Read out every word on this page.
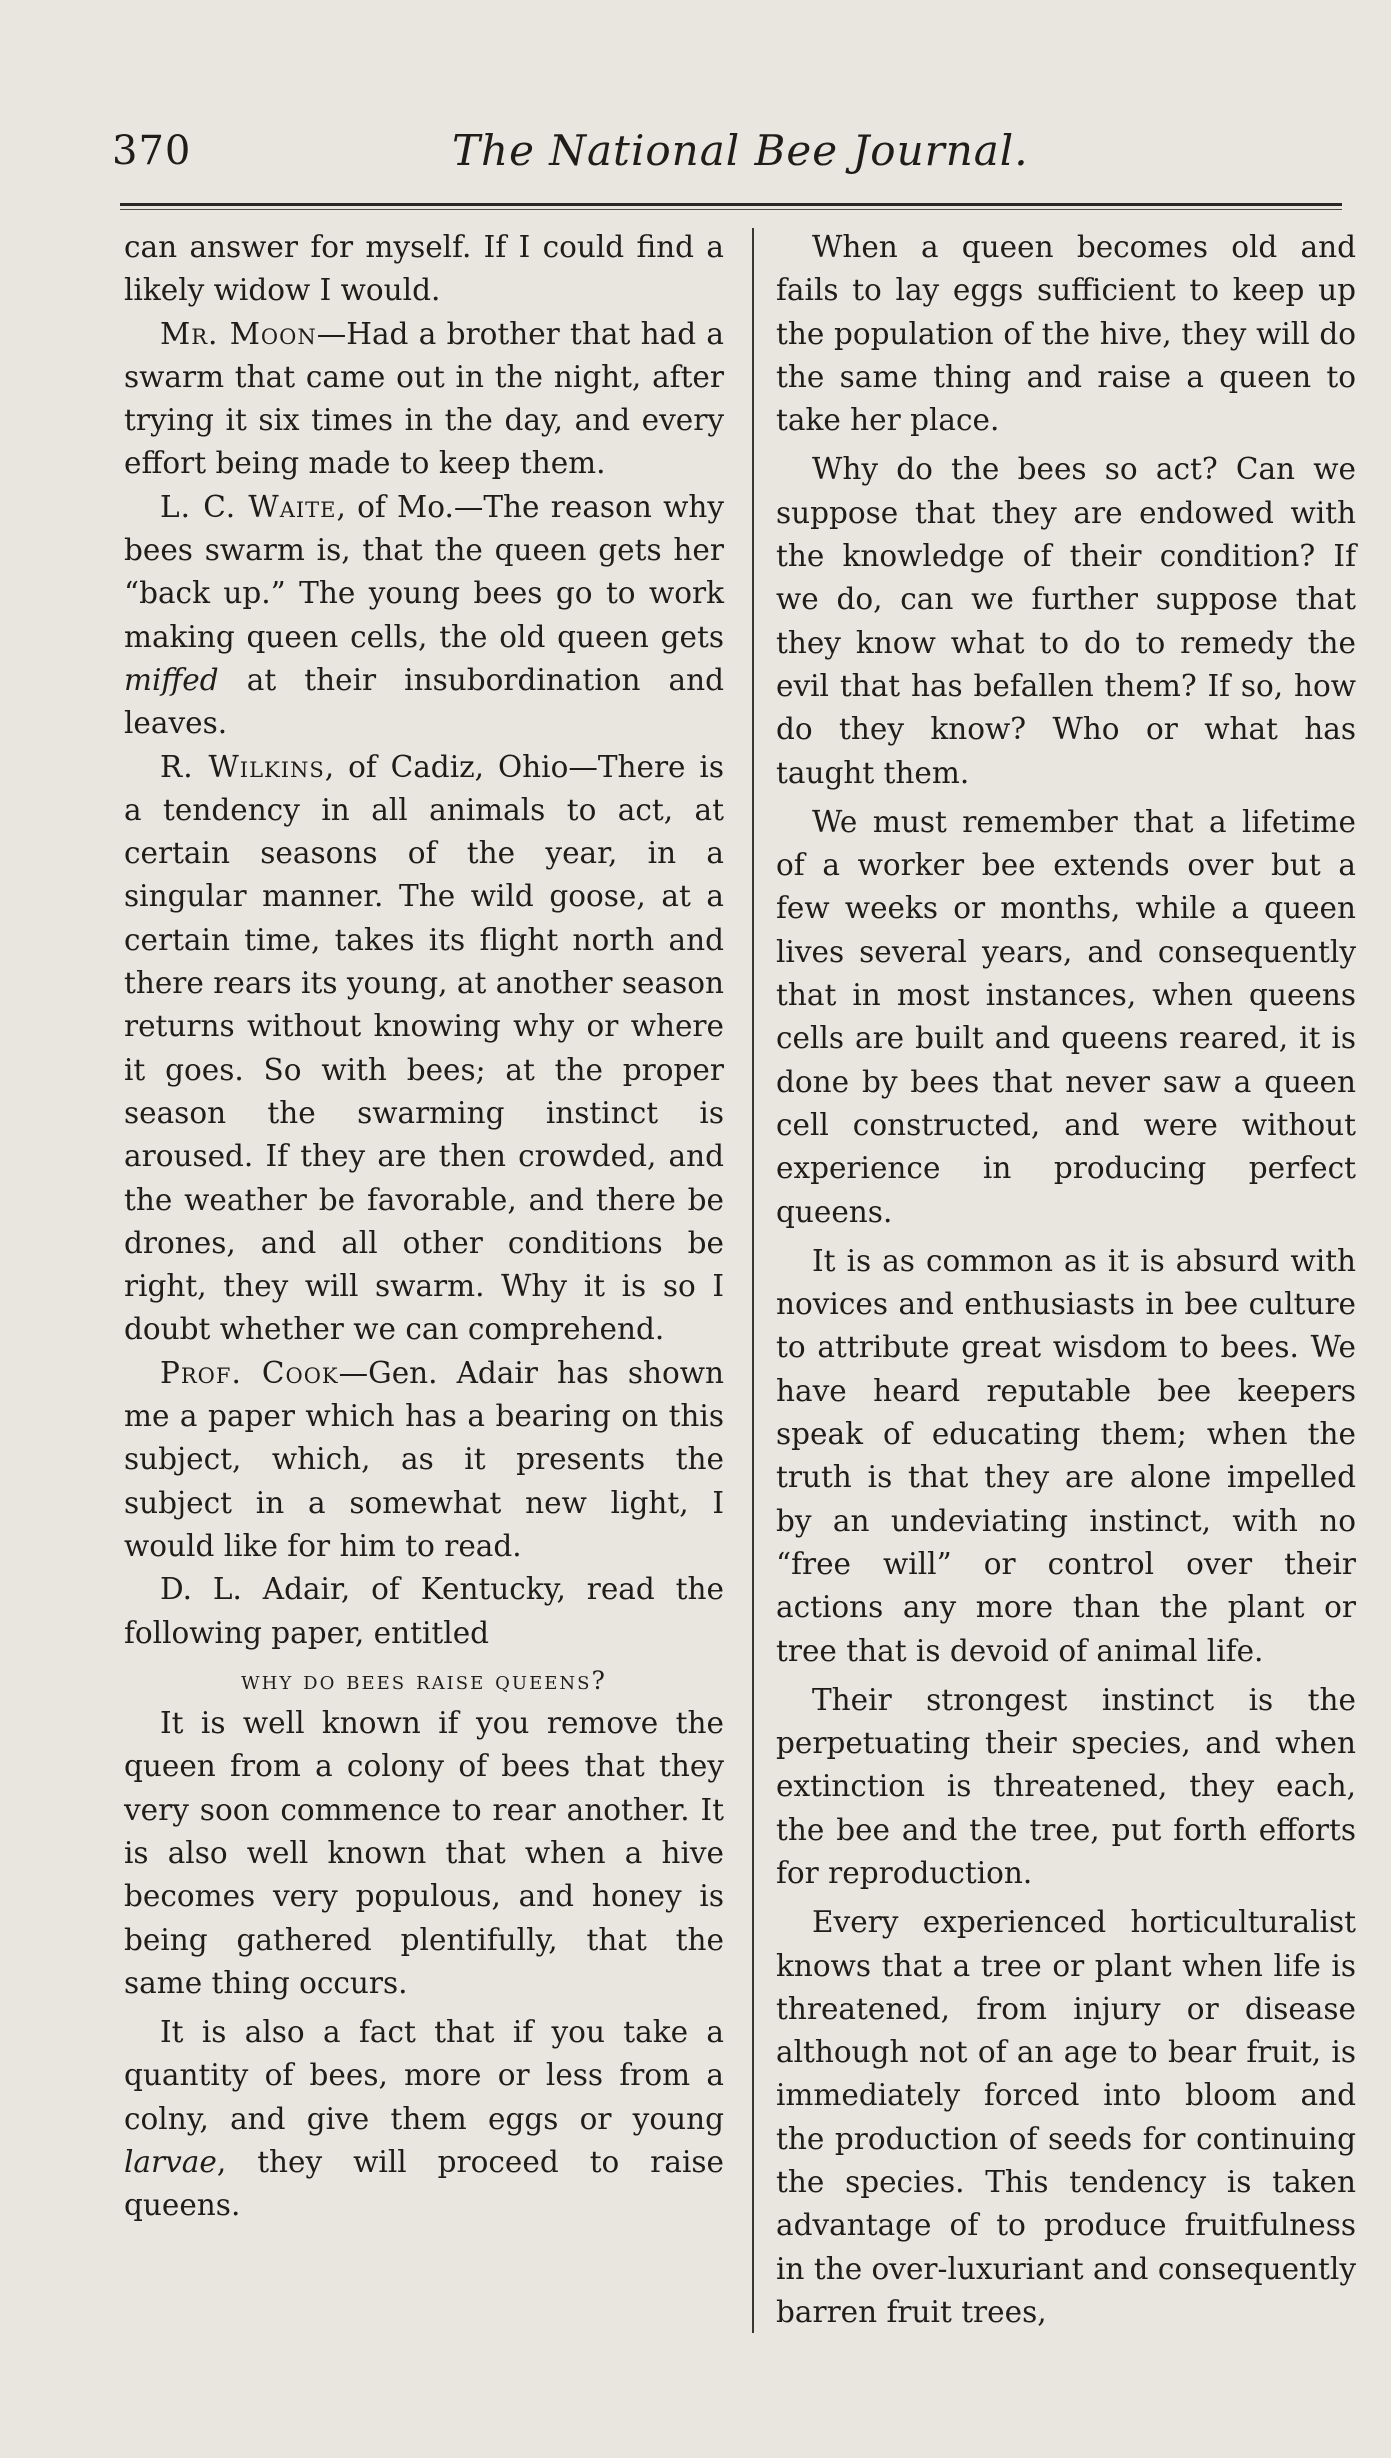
370	The National Bee Journal.

can answer for myself. If I could find a likely widow I would.

Mr. Moon—Had a brother that had a swarm that came out in the night, after trying it six times in the day, and every effort being made to keep them.

L. C. Waite, of Mo.—The reason why bees swarm is, that the queen gets her “back up.” The young bees go to work making queen cells, the old queen gets miffed at their insubordination and leaves.

R. Wilkins, of Cadiz, Ohio—There is a tendency in all animals to act, at certain seasons of the year, in a singular manner. The wild goose, at a certain time, takes its flight north and there rears its young, at another season returns without knowing why or where it goes. So with bees; at the proper season the swarming instinct is aroused. If they are then crowded, and the weather be favorable, and there be drones, and all other conditions be right, they will swarm. Why it is so I doubt whether we can comprehend.

Prof. Cook—Gen. Adair has shown me a paper which has a bearing on this subject, which, as it presents the subject in a somewhat new light, I would like for him to read.

D. L. Adair, of Kentucky, read the following paper, entitled

why do bees raise queens?

It is well known if you remove the queen from a colony of bees that they very soon commence to rear another. It is also well known that when a hive becomes very populous, and honey is being gathered plentifully, that the same thing occurs.

It is also a fact that if you take a quantity of bees, more or less from a colny, and give them eggs or young larvae, they will proceed to raise queens.

When a queen becomes old and fails to lay eggs sufficient to keep up the population of the hive, they will do the same thing and raise a queen to take her place.

Why do the bees so act? Can we suppose that they are endowed with the knowledge of their condition? If we do, can we further suppose that they know what to do to remedy the evil that has befallen them? If so, how do they know? Who or what has taught them.

We must remember that a lifetime of a worker bee extends over but a few weeks or months, while a queen lives several years, and consequently that in most instances, when queens cells are built and queens reared, it is done by bees that never saw a queen cell constructed, and were without experience in producing perfect queens.

It is as common as it is absurd with novices and enthusiasts in bee culture to attribute great wisdom to bees. We have heard reputable bee keepers speak of educating them; when the truth is that they are alone impelled by an undeviating instinct, with no “free will” or control over their actions any more than the plant or tree that is devoid of animal life.

Their strongest instinct is the perpetuating their species, and when extinction is threatened, they each, the bee and the tree, put forth efforts for reproduction.

Every experienced horticulturalist knows that a tree or plant when life is threatened, from injury or disease although not of an age to bear fruit, is immediately forced into bloom and the production of seeds for continuing the species. This tendency is taken advantage of to produce fruitfulness in the over-luxuriant and consequently barren fruit trees,
